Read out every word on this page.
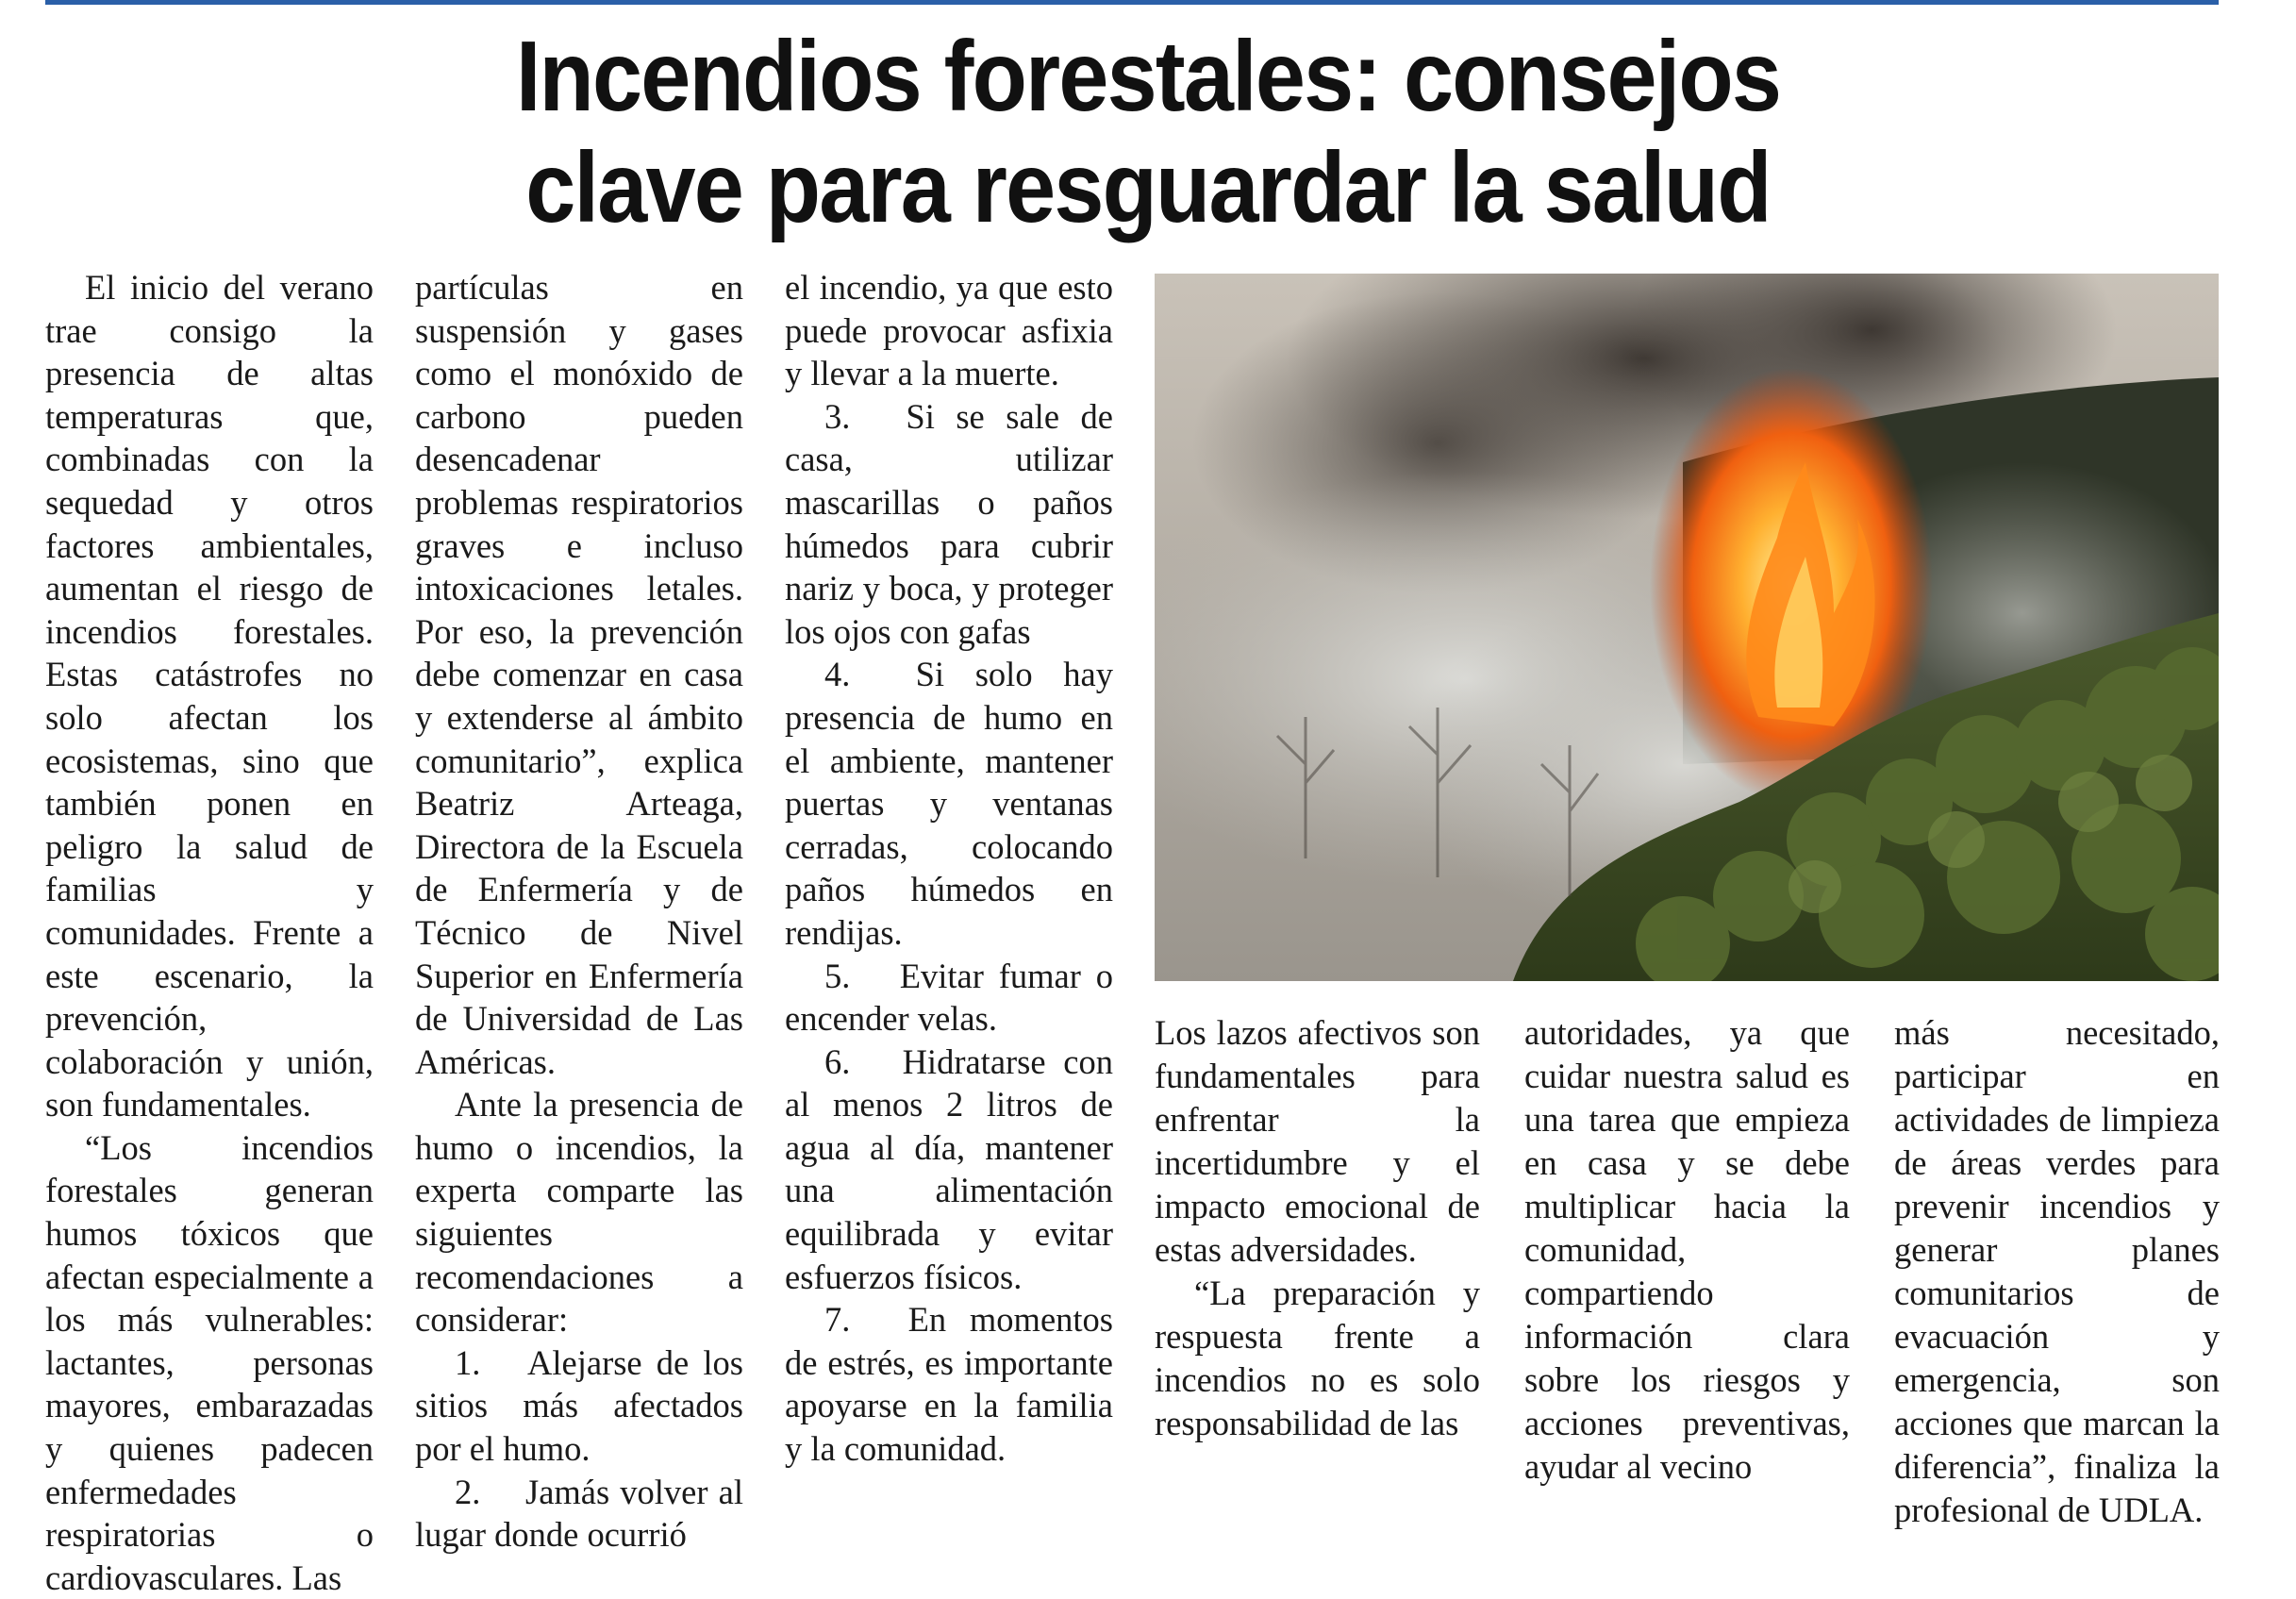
Incendios forestales: consejos
clave para resguardar la salud

El inicio del verano trae consigo la presencia de altas temperaturas que, combinadas con la sequedad y otros factores ambientales, aumentan el riesgo de incendios forestales. Estas catástrofes no solo afectan los ecosistemas, sino que también ponen en peligro la salud de familias y comunidades. Frente a este escenario, la prevención, colaboración y unión, son fundamentales.

“Los incendios forestales generan humos tóxicos que afectan especialmente a los más vulnerables: lactantes, personas mayores, embarazadas y quienes padecen enfermedades respiratorias o cardiovasculares. Las

partículas en suspensión y gases como el monóxido de carbono pueden desencadenar problemas respiratorios graves e incluso intoxicaciones letales. Por eso, la prevención debe comenzar en casa y extenderse al ámbito comunitario”, explica Beatriz Arteaga, Directora de la Escuela de Enfermería y de Técnico de Nivel Superior en Enfermería de Universidad de Las Américas.

Ante la presencia de humo o incendios, la experta comparte las siguientes recomendaciones a considerar:

1.  Alejarse de los sitios más afectados por el humo.

2.  Jamás volver al lugar donde ocurrió

el incendio, ya que esto puede provocar asfixia y llevar a la muerte.

3.  Si se sale de casa, utilizar mascarillas o paños húmedos para cubrir nariz y boca, y proteger los ojos con gafas

4.  Si solo hay presencia de humo en el ambiente, mantener puertas y ventanas cerradas, colocando paños húmedos en rendijas.

5.  Evitar fumar o encender velas.

6.  Hidratarse con al menos 2 litros de agua al día, mantener una alimentación equilibrada y evitar esfuerzos físicos.

7.  En momentos de estrés, es importante apoyarse en la familia y la comunidad.

Los lazos afectivos son fundamentales para enfrentar la incertidumbre y el impacto emocional de estas adversidades.

“La preparación y respuesta frente a incendios no es solo responsabilidad de las

autoridades, ya que cuidar nuestra salud es una tarea que empieza en casa y se debe multiplicar hacia la comunidad, compartiendo información clara sobre los riesgos y acciones preventivas, ayudar al vecino

más necesitado, participar en actividades de limpieza de áreas verdes para prevenir incendios y generar planes comunitarios de evacuación y emergencia, son acciones que marcan la diferencia”, finaliza la profesional de UDLA.
